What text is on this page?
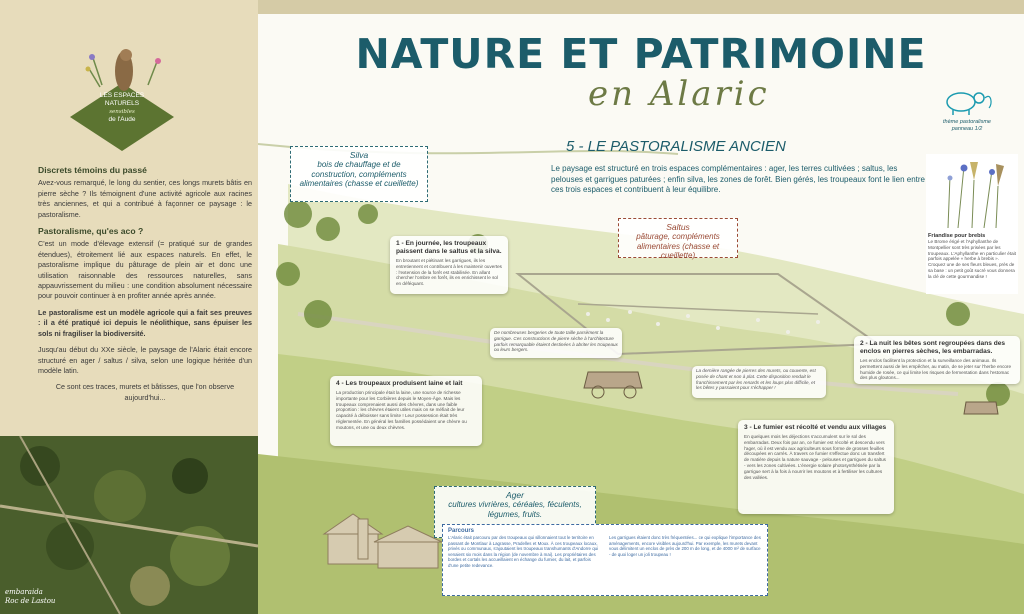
LES ESPACES
NATURELS
sensibles
de l'Aude
Discrets témoins du passé

Avez-vous remarqué, le long du sentier, ces longs murets bâtis en pierre sèche ? Ils témoignent d'une activité agricole aux racines très anciennes, et qui a contribué à façonner ce paysage : le pastoralisme.

Pastoralisme, qu'es aco ?

C'est un mode d'élevage extensif (= pratiqué sur de grandes étendues), étroitement lié aux espaces naturels. En effet, le pastoralisme implique du pâturage de plein air et donc une utilisation raisonnable des ressources naturelles, sans appauvrissement du milieu : une condition absolument nécessaire pour pouvoir continuer à en profiter année après année.

Le pastoralisme est un modèle agricole qui a fait ses preuves : il a été pratiqué ici depuis le néolithique, sans épuiser les sols ni fragiliser la biodiversité.

Jusqu'au début du XXe siècle, le paysage de l'Alaric était encore structuré en ager / saltus / silva, selon une logique héritée d'un modèle latin.

Ce sont ces traces, murets et bâtisses, que l'on observe aujourd'hui...

embaraida
Roc de Lastou
NATURE ET PATRIMOINE
en Alaric
thème pastoralisme
panneau 1/2
5 - LE PASTORALISME ANCIEN
Le paysage est structuré en trois espaces complémentaires : ager, les terres cultivées ; saltus, les pelouses et garrigues paturées ; enfin silva, les zones de forêt. Bien gérés, les troupeaux font le lien entre ces trois espaces et contribuent à leur équilibre.
Silva
bois de chauffage et de construction, compléments alimentaires (chasse et cueillette)
Saltus
pâturage, compléments alimentaires (chasse et cueillette)
Ager
cultures vivrières, céréales, féculents, légumes, fruits.
1 - En journée, les troupeaux paissent dans le saltus et la silva.
En broutant et piétinant les garrigues, ils les entretiennent et contribuent à les maintenir ouvertes : l'extension de la forêt est stabilisée. En allant chercher l'ombre en forêt, ils en enrichissent le sol en déféquant.
2 - La nuit les bêtes sont regroupées dans des enclos en pierres sèches, les embarradas.
Les enclos facilitent la protection et la surveillance des animaux. Ils permettent aussi de les empêcher, au matin, de se jeter sur l'herbe encore humide de rosée, ce qui limite les risques de fermentation dans l'estomac des plus gloutons...
3 - Le fumier est récolté et vendu aux villages
En quelques mois les déjections s'accumulent sur le sol des embarradas. Deux fois par an, ce fumier est récolté et descendu vers l'ager, où il est vendu aux agriculteurs sous forme de grosses feuilles découpées en carrés. À travers ce fumier s'effectue donc un transfert de matière depuis la nature sauvage - pelouses et garrigues du saltus - vers les zones cultivées. L'énergie solaire photosynthétisée par la garrigue sert à la fois à nourrir les moutons et à fertiliser les cultures des vallées.
4 - Les troupeaux produisent laine et lait
La production principale était la laine, une source de richesse importante pour les Corbières depuis le Moyen-Âge. Mais les troupeaux comprenaient aussi des chèvres, dans une faible proportion : les chèvres étaient utiles mais on se méfiait de leur capacité à déboisser sans limite ! Leur possession était très réglementée. En général les familles possédaient une chèvre ou moutons, et une ou deux chèvres.
De nombreuses bergeries de toute taille parsèment la garrigue. Ces constructions de pierre sèche à l'architecture parfois remarquable étaient destinées à abriter les troupeaux ou leurs bergers.
La dernière rangée de pierres des murets, ou couverte, est posée de chant et non à plat. Cette disposition rendait le franchissement par les renards et les loups plus difficile, et les bêtes y passaient pour s'échapper !
Friandise pour brebis
Le Brome érigé et l'Aphyllanthe de Montpellier sont très prisées par les troupeaux. L'Aphyllanthe en particulier était parfois appelée « herbe à brebis ». Croquez une de ses fleurs bleues, près de sa base : un petit goût sucré vous donnera la clé de cette gourmandise !
Parcours
L'Alaric était parcouru par des troupeaux qui sillonnaient tout le territoire en passant de Montlaur à Lagrasse, Pradelles et Moux. À ces troupeaux locaux, privés ou communaux, s'ajoutaient les troupeaux transhumants d'Andorre qui venaient six mois dans la région (de novembre à mai). Les propriétaires des bordes et cortals les accueillaient en échange du fumier, du lait, et parfois d'une petite redevance.
Les garrigues étaient donc très fréquentées... ce qui explique l'importance des aménagements, encore visibles aujourd'hui. Par exemple, les murets devant vous délimitent un enclos de près de 200 m de long, et de 4000 m² de surface - de quoi loger un joli troupeau !
